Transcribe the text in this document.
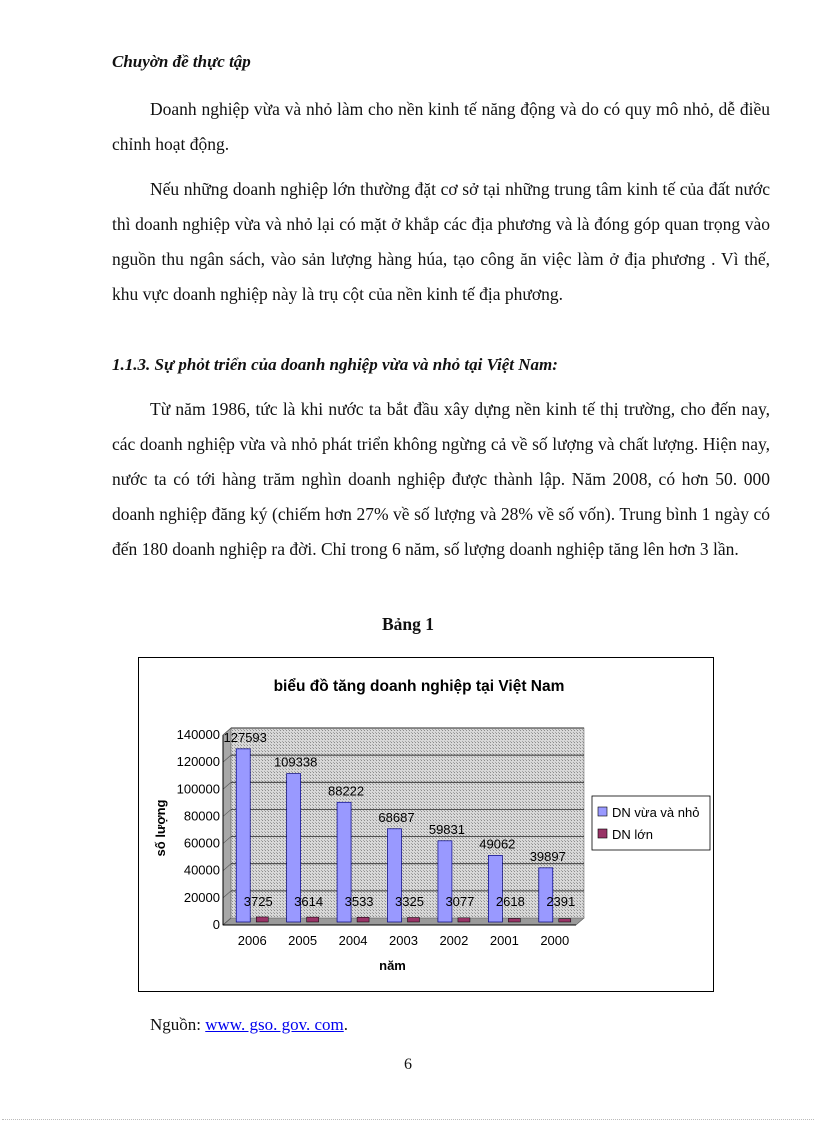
Chuyờn đề thực tập

Doanh nghiệp vừa và nhỏ làm cho nền kinh tế năng động và do có quy mô nhỏ, dễ điều chỉnh hoạt động.

Nếu những doanh nghiệp lớn thường đặt cơ sở tại những trung tâm kinh tế của đất nước thì doanh nghiệp vừa và nhỏ lại có mặt ở khắp các địa phương và là đóng góp quan trọng vào nguồn thu ngân sách, vào sản lượng hàng húa, tạo công ăn việc làm ở địa phương . Vì thế, khu vực doanh nghiệp này là trụ cột của nền kinh tế địa phương.

1.1.3. Sự phỏt triển của doanh nghiệp vừa và nhỏ tại Việt Nam:

Từ năm 1986, tức là khi nước ta bắt đầu xây dựng nền kinh tế thị trường, cho đến nay, các doanh nghiệp vừa và nhỏ phát triển không ngừng cả về số lượng và chất lượng. Hiện nay, nước ta có tới hàng trăm nghìn doanh nghiệp được thành lập. Năm 2008, có hơn 50. 000 doanh nghiệp đăng ký (chiếm hơn 27% về số lượng và 28% về số vốn). Trung bình 1 ngày có đến 180 doanh nghiệp ra đời. Chỉ trong 6 năm, số lượng doanh nghiệp tăng lên hơn 3 lần.

Bảng 1
biểu đồ tăng doanh nghiệp tại Việt Nam
0
20000
40000
60000
80000
100000
120000
140000 127593
3725
2006
109338
3614
2005
88222
3533
2004
68687
3325
2003
59831
3077
2002
49062
2618
2001
39897
2391
2000
năm
số lượng	DN vừa và nhỏ
DN lớn
Nguồn: www. gso. gov. com.
6
